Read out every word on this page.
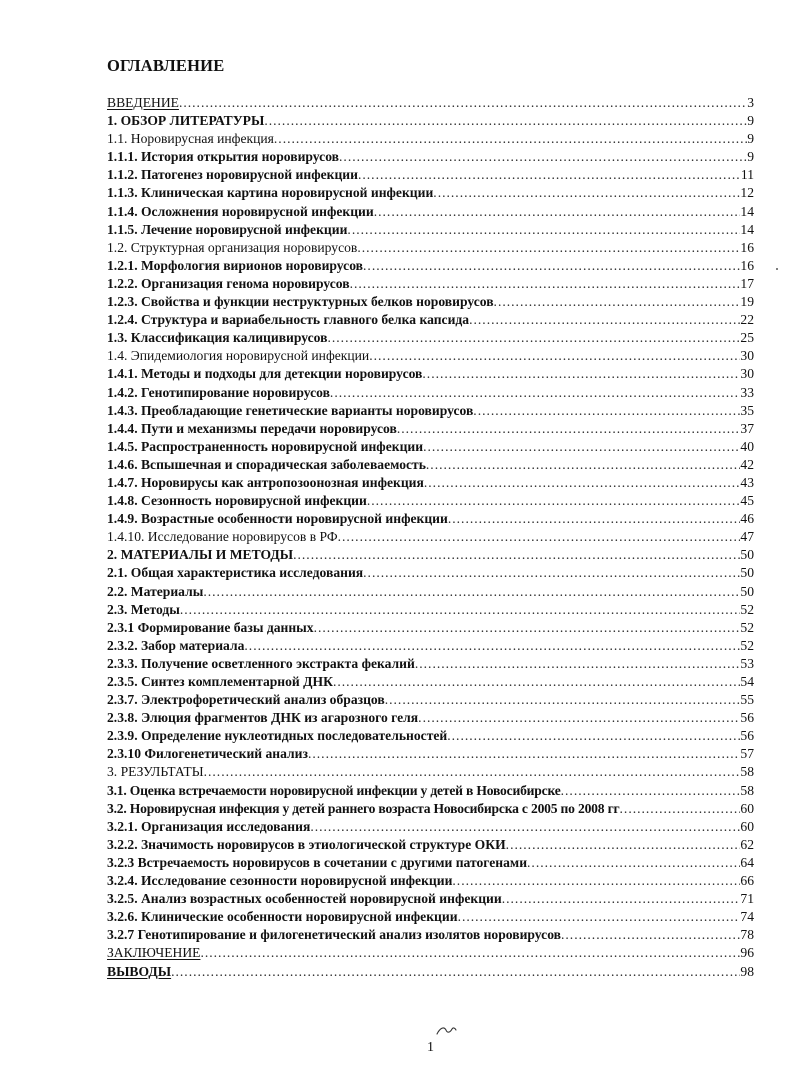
ОГЛАВЛЕНИЕ
ВВЕДЕНИЕ .....	3
1. ОБЗОР ЛИТЕРАТУРЫ .....	9
1.1. Норовирусная инфекция .....	9
1.1.1. История открытия норовирусов .....	9
1.1.2. Патогенез норовирусной инфекции .....	11
1.1.3. Клиническая картина норовирусной инфекции .....	12
1.1.4. Осложнения норовирусной инфекции .....	14
1.1.5. Лечение норовирусной инфекции .....	14
1.2. Структурная организация норовирусов .....	16
1.2.1. Морфология вирионов норовирусов .....	16
1.2.2. Организация генома норовирусов .....	17
1.2.3. Свойства и функции неструктурных белков норовирусов .....	19
1.2.4. Структура и вариабельность главного белка капсида .....	22
1.3. Классификация калицивирусов .....	25
1.4. Эпидемиология норовирусной инфекции .....	30
1.4.1. Методы и подходы для детекции норовирусов .....	30
1.4.2. Генотипирование норовирусов .....	33
1.4.3. Преобладающие генетические варианты норовирусов .....	35
1.4.4. Пути и механизмы передачи норовирусов .....	37
1.4.5. Распространенность норовирусной инфекции .....	40
1.4.6. Вспышечная и спорадическая заболеваемость .....	42
1.4.7. Норовирусы как антропозоонозная инфекция .....	43
1.4.8. Сезонность норовирусной инфекции .....	45
1.4.9. Возрастные особенности норовирусной инфекции .....	46
1.4.10. Исследование норовирусов в РФ .....	47
2. МАТЕРИАЛЫ И МЕТОДЫ .....	50
2.1. Общая характеристика исследования .....	50
2.2. Материалы .....	50
2.3. Методы .....	52
2.3.1 Формирование базы данных .....	52
2.3.2. Забор материала .....	52
2.3.3. Получение осветленного экстракта фекалий .....	53
2.3.5. Синтез комплементарной ДНК .....	54
2.3.7. Электрофоретический анализ образцов .....	55
2.3.8. Элюция фрагментов ДНК из агарозного геля .....	56
2.3.9. Определение нуклеотидных последовательностей .....	56
2.3.10 Филогенетический анализ .....	57
3. РЕЗУЛЬТАТЫ .....	58
3.1. Оценка встречаемости норовирусной инфекции у детей в Новосибирске .....	58
3.2. Норовирусная инфекция у детей раннего возраста Новосибирска с 2005 по 2008 гг .....	60
3.2.1. Организация исследования .....	60
3.2.2. Значимость норовирусов в этиологической структуре ОКИ .....	62
3.2.3 Встречаемость норовирусов в сочетании с другими патогенами .....	64
3.2.4. Исследование сезонности норовирусной инфекции .....	66
3.2.5. Анализ возрастных особенностей норовирусной инфекции .....	71
3.2.6. Клинические особенности норовирусной инфекции .....	74
3.2.7 Генотипирование и филогенетический анализ изолятов норовирусов .....	78
ЗАКЛЮЧЕНИЕ .....	96
ВЫВОДЫ .....	98
1
